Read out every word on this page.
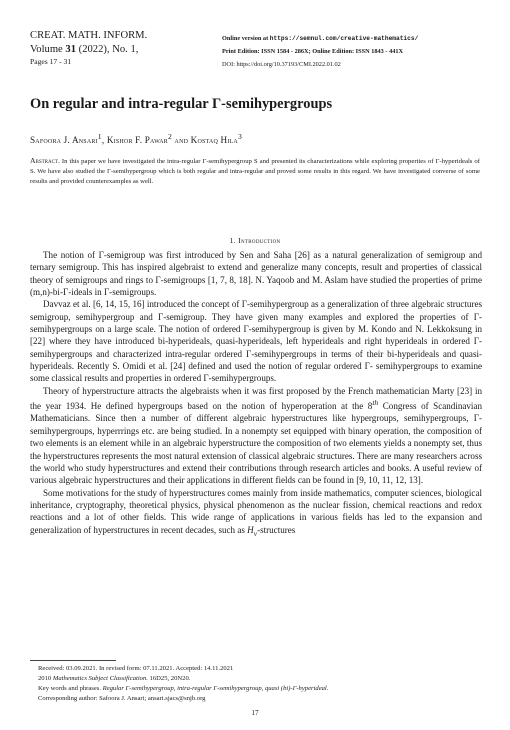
CREAT. MATH. INFORM.
Volume 31 (2022), No. 1,
Pages 17 - 31
Online version at https://semnul.com/creative-mathematics/
Print Edition: ISSN 1584 - 286X; Online Edition: ISSN 1843 - 441X
DOI: https://doi.org/10.37193/CMI.2022.01.02
On regular and intra-regular Γ-semihypergroups
Safoora J. Ansari$^1$, Kishor F. Pawar$^2$ and Kostaq Hila$^3$
Abstract. In this paper we have investigated the intra-regular Γ-semihypergroup S and presented its characterizations while exploring properties of Γ-hyperideals of S. We have also studied the Γ-semihypergroup which is both regular and intra-regular and proved some results in this regard. We have investigated converse of some results and provided counterexamples as well.
1. Introduction

The notion of Γ-semigroup was first introduced by Sen and Saha [26] as a natural generalization of semigroup and ternary semigroup. This has inspired algebraist to extend and generalize many concepts, result and properties of classical theory of semigroups and rings to Γ-semigroups [1, 7, 8, 18]. N. Yaqoob and M. Aslam have studied the properties of prime (m,n)-bi-Γ-ideals in Γ-semigroups.

Davvaz et al. [6, 14, 15, 16] introduced the concept of Γ-semihypergroup as a generalization of three algebraic structures semigroup, semihypergroup and Γ-semigroup. They have given many examples and explored the properties of Γ-semihypergroups on a large scale. The notion of ordered Γ-semihypergroup is given by M. Kondo and N. Lekkoksung in [22] where they have introduced bi-hyperideals, quasi-hyperideals, left hyperideals and right hyperideals in ordered Γ-semihypergroups and characterized intra-regular ordered Γ-semihypergroups in terms of their bi-hyperideals and quasi-hyperideals. Recently S. Omidi et al. [24] defined and used the notion of regular ordered Γ- semihypergroups to examine some classical results and properties in ordered Γ-semihypergroups.

Theory of hyperstructure attracts the algebraists when it was first proposed by the French mathematician Marty [23] in the year 1934. He defined hypergroups based on the notion of hyperoperation at the 8th Congress of Scandinavian Mathematicians. Since then a number of different algebraic hyperstructures like hypergroups, semihypergroups, Γ-semihypergroups, hyperrrings etc. are being studied. In a nonempty set equipped with binary operation, the composition of two elements is an element while in an algebraic hyperstructure the composition of two elements yields a nonempty set, thus the hyperstructures represents the most natural extension of classical algebraic structures. There are many researchers across the world who study hyperstructures and extend their contributions through research articles and books. A useful review of various algebraic hyperstructures and their applications in different fields can be found in [9, 10, 11, 12, 13].

Some motivations for the study of hyperstructures comes mainly from inside mathematics, computer sciences, biological inheritance, cryptography, theoretical physics, physical phenomenon as the nuclear fission, chemical reactions and redox reactions and a lot of other fields. This wide range of applications in various fields has led to the expansion and generalization of hyperstructures in recent decades, such as $H_v$-structures

Received: 03.09.2021. In revised form: 07.11.2021. Accepted: 14.11.2021
2010 Mathematics Subject Classification. 16D25, 20N20.
Key words and phrases. Regular Γ-semihypergroup, intra-regular Γ-semihypergroup, quasi (bi)-Γ-hyperideal.
Corresponding author: Safoora J. Ansari; ansari.sjacs@snjb.org
17
